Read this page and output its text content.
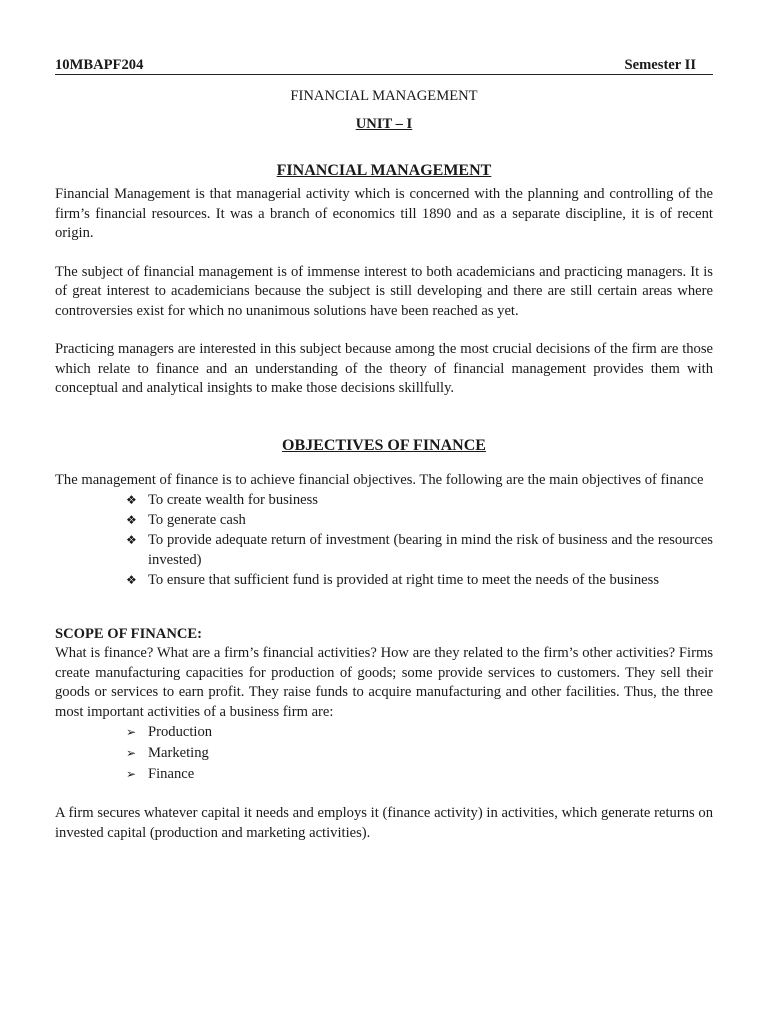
10MBAPF204	Semester II
FINANCIAL MANAGEMENT
UNIT – I
FINANCIAL MANAGEMENT

Financial Management is that managerial activity which is concerned with the planning and controlling of the firm’s financial resources. It was a branch of economics till 1890 and as a separate discipline, it is of recent origin.

The subject of financial management is of immense interest to both academicians and practicing managers. It is of great interest to academicians because the subject is still developing and there are still certain areas where controversies exist for which no unanimous solutions have been reached as yet.

Practicing managers are interested in this subject because among the most crucial decisions of the firm are those which relate to finance and an understanding of the theory of financial management provides them with conceptual and analytical insights to make those decisions skillfully.

OBJECTIVES OF FINANCE

The management of finance is to achieve financial objectives. The following are the main objectives of finance

❖ To create wealth for business
❖ To generate cash
❖ To provide adequate return of investment (bearing in mind the risk of business and the resources invested)
❖ To ensure that sufficient fund is provided at right time to meet the needs of the business
SCOPE OF FINANCE:

What is finance? What are a firm’s financial activities? How are they related to the firm’s other activities? Firms create manufacturing capacities for production of goods; some provide services to customers. They sell their goods or services to earn profit. They raise funds to acquire manufacturing and other facilities. Thus, the three most important activities of a business firm are:

➢ Production
➢ Marketing
➢ Finance

A firm secures whatever capital it needs and employs it (finance activity) in activities, which generate returns on invested capital (production and marketing activities).
